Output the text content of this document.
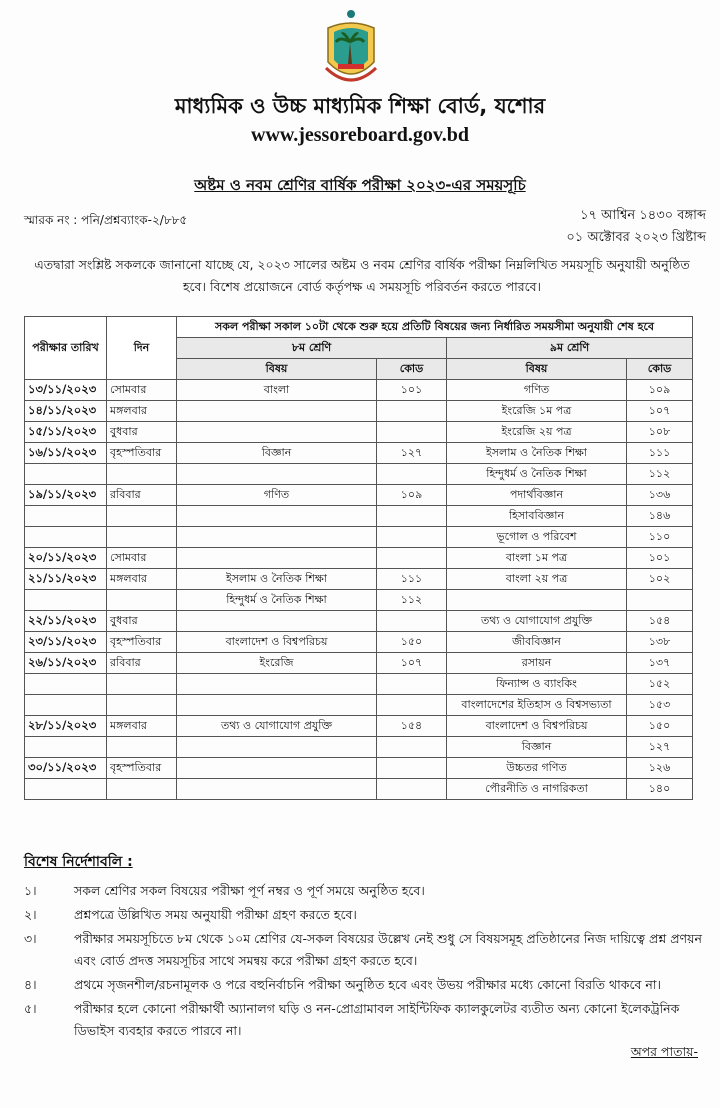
মাধ্যমিক ও উচ্চ মাধ্যমিক শিক্ষা বোর্ড, যশোর
www.jessoreboard.gov.bd
অষ্টম ও নবম শ্রেণির বার্ষিক পরীক্ষা ২০২৩-এর সময়সূচি
স্মারক নং : পনি/প্রশ্নব্যাংক-২/৮৮৫	১৭ আশ্বিন ১৪৩০ বঙ্গাব্দ
০১ অক্টোবর ২০২৩ খ্রিষ্টাব্দ
এতদ্বারা সংশ্লিষ্ট সকলকে জানানো যাচ্ছে যে, ২০২৩ সালের অষ্টম ও নবম শ্রেণির বার্ষিক পরীক্ষা নিম্নলিখিত সময়সূচি অনুযায়ী অনুষ্ঠিত হবে। বিশেষ প্রয়োজনে বোর্ড কর্তৃপক্ষ এ সময়সূচি পরিবর্তন করতে পারবে।
পরীক্ষার তারিখ	দিন	সকল পরীক্ষা সকাল ১০টা থেকে শুরু হয়ে প্রতিটি বিষয়ের জন্য নির্ধারিত সময়সীমা অনুযায়ী শেষ হবে			
		৮ম শ্রেণি		৯ম শ্রেণি	
		বিষয়	কোড	বিষয়	কোড
১৩/১১/২০২৩	সোমবার	বাংলা	১০১	গণিত	১০৯
১৪/১১/২০২৩	মঙ্গলবার			ইংরেজি ১ম পত্র	১০৭
১৫/১১/২০২৩	বুধবার			ইংরেজি ২য় পত্র	১০৮
১৬/১১/২০২৩	বৃহস্পতিবার	বিজ্ঞান	১২৭	ইসলাম ও নৈতিক শিক্ষা	১১১
				হিন্দুধর্ম ও নৈতিক শিক্ষা	১১২
১৯/১১/২০২৩	রবিবার	গণিত	১০৯	পদার্থবিজ্ঞান	১৩৬
				হিসাববিজ্ঞান	১৪৬
				ভূগোল ও পরিবেশ	১১০
২০/১১/২০২৩	সোমবার			বাংলা ১ম পত্র	১০১
২১/১১/২০২৩	মঙ্গলবার	ইসলাম ও নৈতিক শিক্ষা	১১১	বাংলা ২য় পত্র	১০২
		হিন্দুধর্ম ও নৈতিক শিক্ষা	১১২		
২২/১১/২০২৩	বুধবার			তথ্য ও যোগাযোগ প্রযুক্তি	১৫৪
২৩/১১/২০২৩	বৃহস্পতিবার	বাংলাদেশ ও বিশ্বপরিচয়	১৫০	জীববিজ্ঞান	১৩৮
২৬/১১/২০২৩	রবিবার	ইংরেজি	১০৭	রসায়ন	১৩৭
				ফিন্যান্স ও ব্যাংকিং	১৫২
				বাংলাদেশের ইতিহাস ও বিশ্বসভ্যতা	১৫৩
২৮/১১/২০২৩	মঙ্গলবার	তথ্য ও যোগাযোগ প্রযুক্তি	১৫৪	বাংলাদেশ ও বিশ্বপরিচয়	১৫০
				বিজ্ঞান	১২৭
৩০/১১/২০২৩	বৃহস্পতিবার			উচ্চতর গণিত	১২৬
				পৌরনীতি ও নাগরিকতা	১৪০
বিশেষ নির্দেশাবলি :
১।	সকল শ্রেণির সকল বিষয়ের পরীক্ষা পূর্ণ নম্বর ও পূর্ণ সময়ে অনুষ্ঠিত হবে।
২।	প্রশ্নপত্রে উল্লিখিত সময় অনুযায়ী পরীক্ষা গ্রহণ করতে হবে।
৩।	পরীক্ষার সময়সূচিতে ৮ম থেকে ১০ম শ্রেণির যে-সকল বিষয়ের উল্লেখ নেই শুধু সে বিষয়সমূহ প্রতিষ্ঠানের নিজ দায়িত্বে প্রশ্ন প্রণয়ন এবং বোর্ড প্রদত্ত সময়সূচির সাথে সমন্বয় করে পরীক্ষা গ্রহণ করতে হবে।
৪।	প্রথমে সৃজনশীল/রচনামূলক ও পরে বহুনির্বাচনি পরীক্ষা অনুষ্ঠিত হবে এবং উভয় পরীক্ষার মধ্যে কোনো বিরতি থাকবে না।
৫।	পরীক্ষার হলে কোনো পরীক্ষার্থী অ্যানালগ ঘড়ি ও নন-প্রোগ্রামাবল সাইন্টিফিক ক্যালকুলেটর ব্যতীত অন্য কোনো ইলেকট্রনিক ডিভাইস ব্যবহার করতে পারবে না।
অপর পাতায়-
